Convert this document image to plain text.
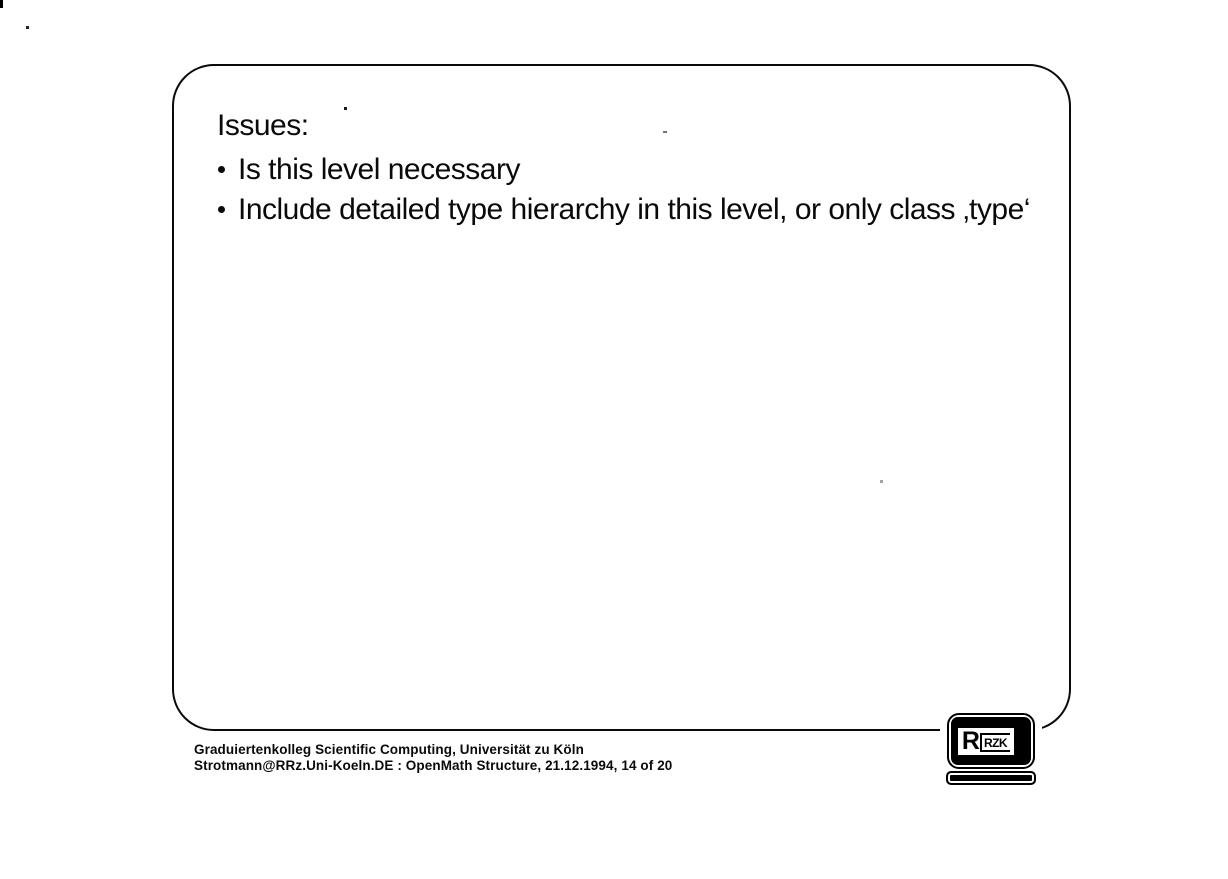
Issues:
Is this level necessary
Include detailed type hierarchy in this level, or only class ‚type‘
Graduiertenkolleg Scientific Computing, Universität zu Köln
Strotmann@RRz.Uni-Koeln.DE : OpenMath Structure, 21.12.1994, 14 of 20
R RZK
